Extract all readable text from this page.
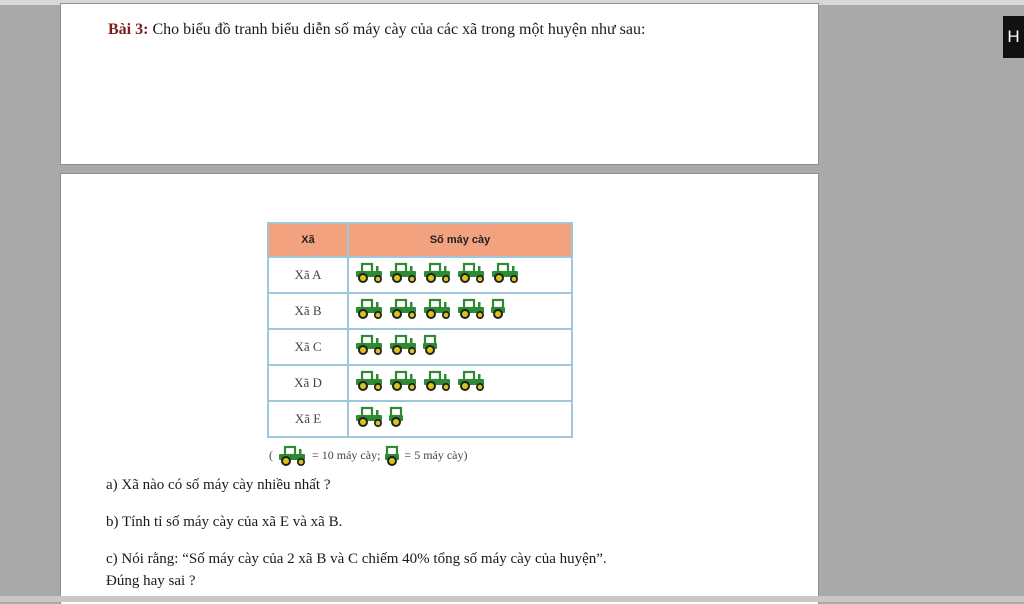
Bài 3: Cho biểu đồ tranh biểu diễn số máy cày của các xã trong một huyện như sau:	H
Xã	Số máy cày
Xã A	
Xã B	
Xã C	
Xã D	
Xã E	
(	= 10 máy cày; = 5 máy cày)
a) Xã nào có số máy cày nhiều nhất ?
b) Tính tỉ số máy cày của xã E và xã B.
c) Nói rằng: “Số máy cày của 2 xã B và C chiếm 40% tổng số máy cày của huyện”.
Đúng hay sai ?
